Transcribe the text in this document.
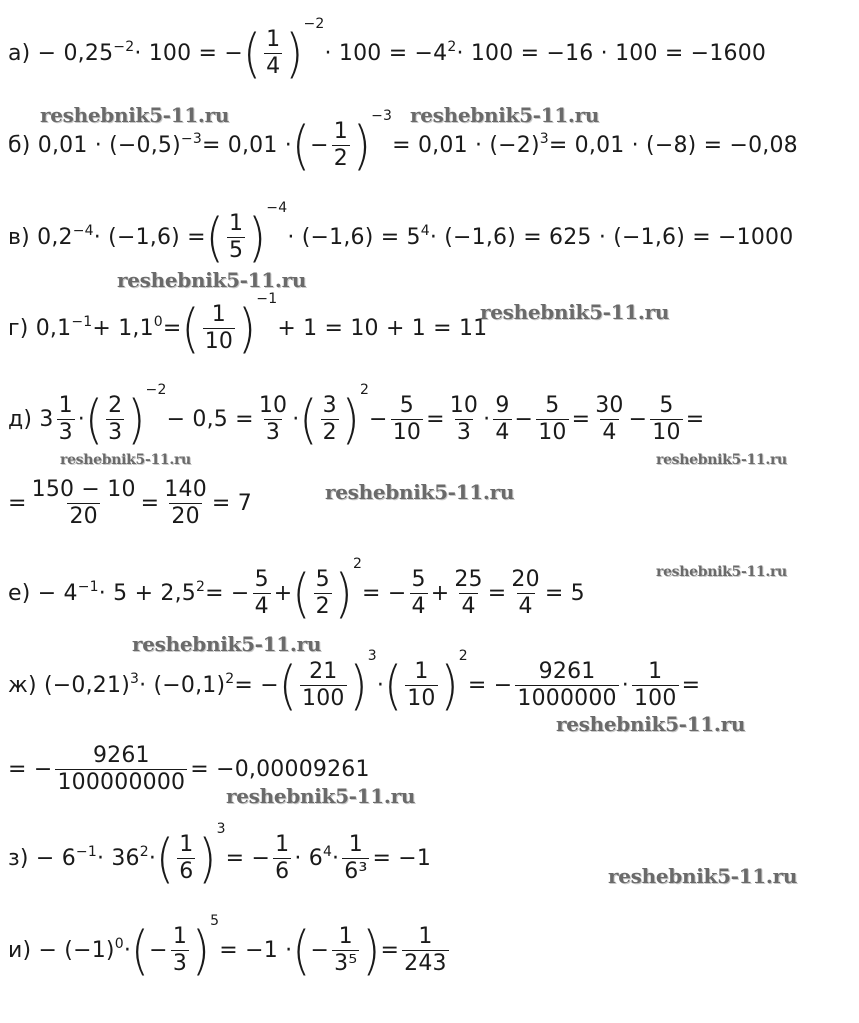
$а) - 0,25^{-2} \cdot 100$ = − ( $\frac{1}{4}$ ) −2
· $100 = -4^2 \cdot 100 = -16 \cdot 100 = -1600$
б) $0,01 \cdot (-0,5)^{-3} = 0,01$ · ( − $\frac{1}{2}$ ) −3
= $0,01 \cdot (-2)^3 = 0,01 \cdot (-8) = -0,08$
в) $0,2^{-4} \cdot (-1,6)$ = ( $\frac{1}{5}$ ) −4
· $(-1,6) = 5^4 \cdot (-1,6) = 625 \cdot (-1,6) = -1000$
г) $0,1^{-1} + 1,1^0$ = ( $\frac{1}{10}$ ) −1
+ 1 = 10 + 1 = 11
д) $3 \frac{1}{3}$ · ( $\frac{2}{3}$ ) −2
− $0,5 = \frac{10}{3}$ · ( $\frac{3}{2}$ ) 2
− $\frac{5}{10} = \frac{10}{3} \cdot \frac{9}{4} - \frac{5}{10} = \frac{30}{4} - \frac{5}{10}$ =
= $\frac{150 - 10}{20} = \frac{140}{20} = 7$
$е) - 4^{-1} \cdot 5 + 2,5^2$ = − $\frac{5}{4}$ + ( $\frac{5}{2}$ ) 2
= − $\frac{5}{4} + \frac{25}{4} = \frac{20}{4} = 5$
ж) $(-0,21)^3 \cdot (-0,1)^2$ = − ( $\frac{21}{100}$ ) 3
· ( $\frac{1}{10}$ ) 2
= − $\frac{9261}{1000000} \cdot \frac{1}{100}$ =
= − $\frac{9261}{100000000} = -0,00009261$
$з) - 6^{-1} \cdot 36^2$ · ( $\frac{1}{6}$ ) 3
= − $\frac{1}{6} \cdot 6^4 \cdot \frac{1}{\text{6³}} = -1$
$и) - (-1)^0$ · ( − $\frac{1}{3}$ ) 5
= −1 · ( − $\frac{1}{\text{3⁵}}$ ) = $\frac{1}{243}$
reshebnik5-11.ru	reshebnik5-11.ru
reshebnik5-11.ru
reshebnik5-11.ru
reshebnik5-11.ru	reshebnik5-11.ru
reshebnik5-11.ru
reshebnik5-11.ru
reshebnik5-11.ru
reshebnik5-11.ru
reshebnik5-11.ru
reshebnik5-11.ru
